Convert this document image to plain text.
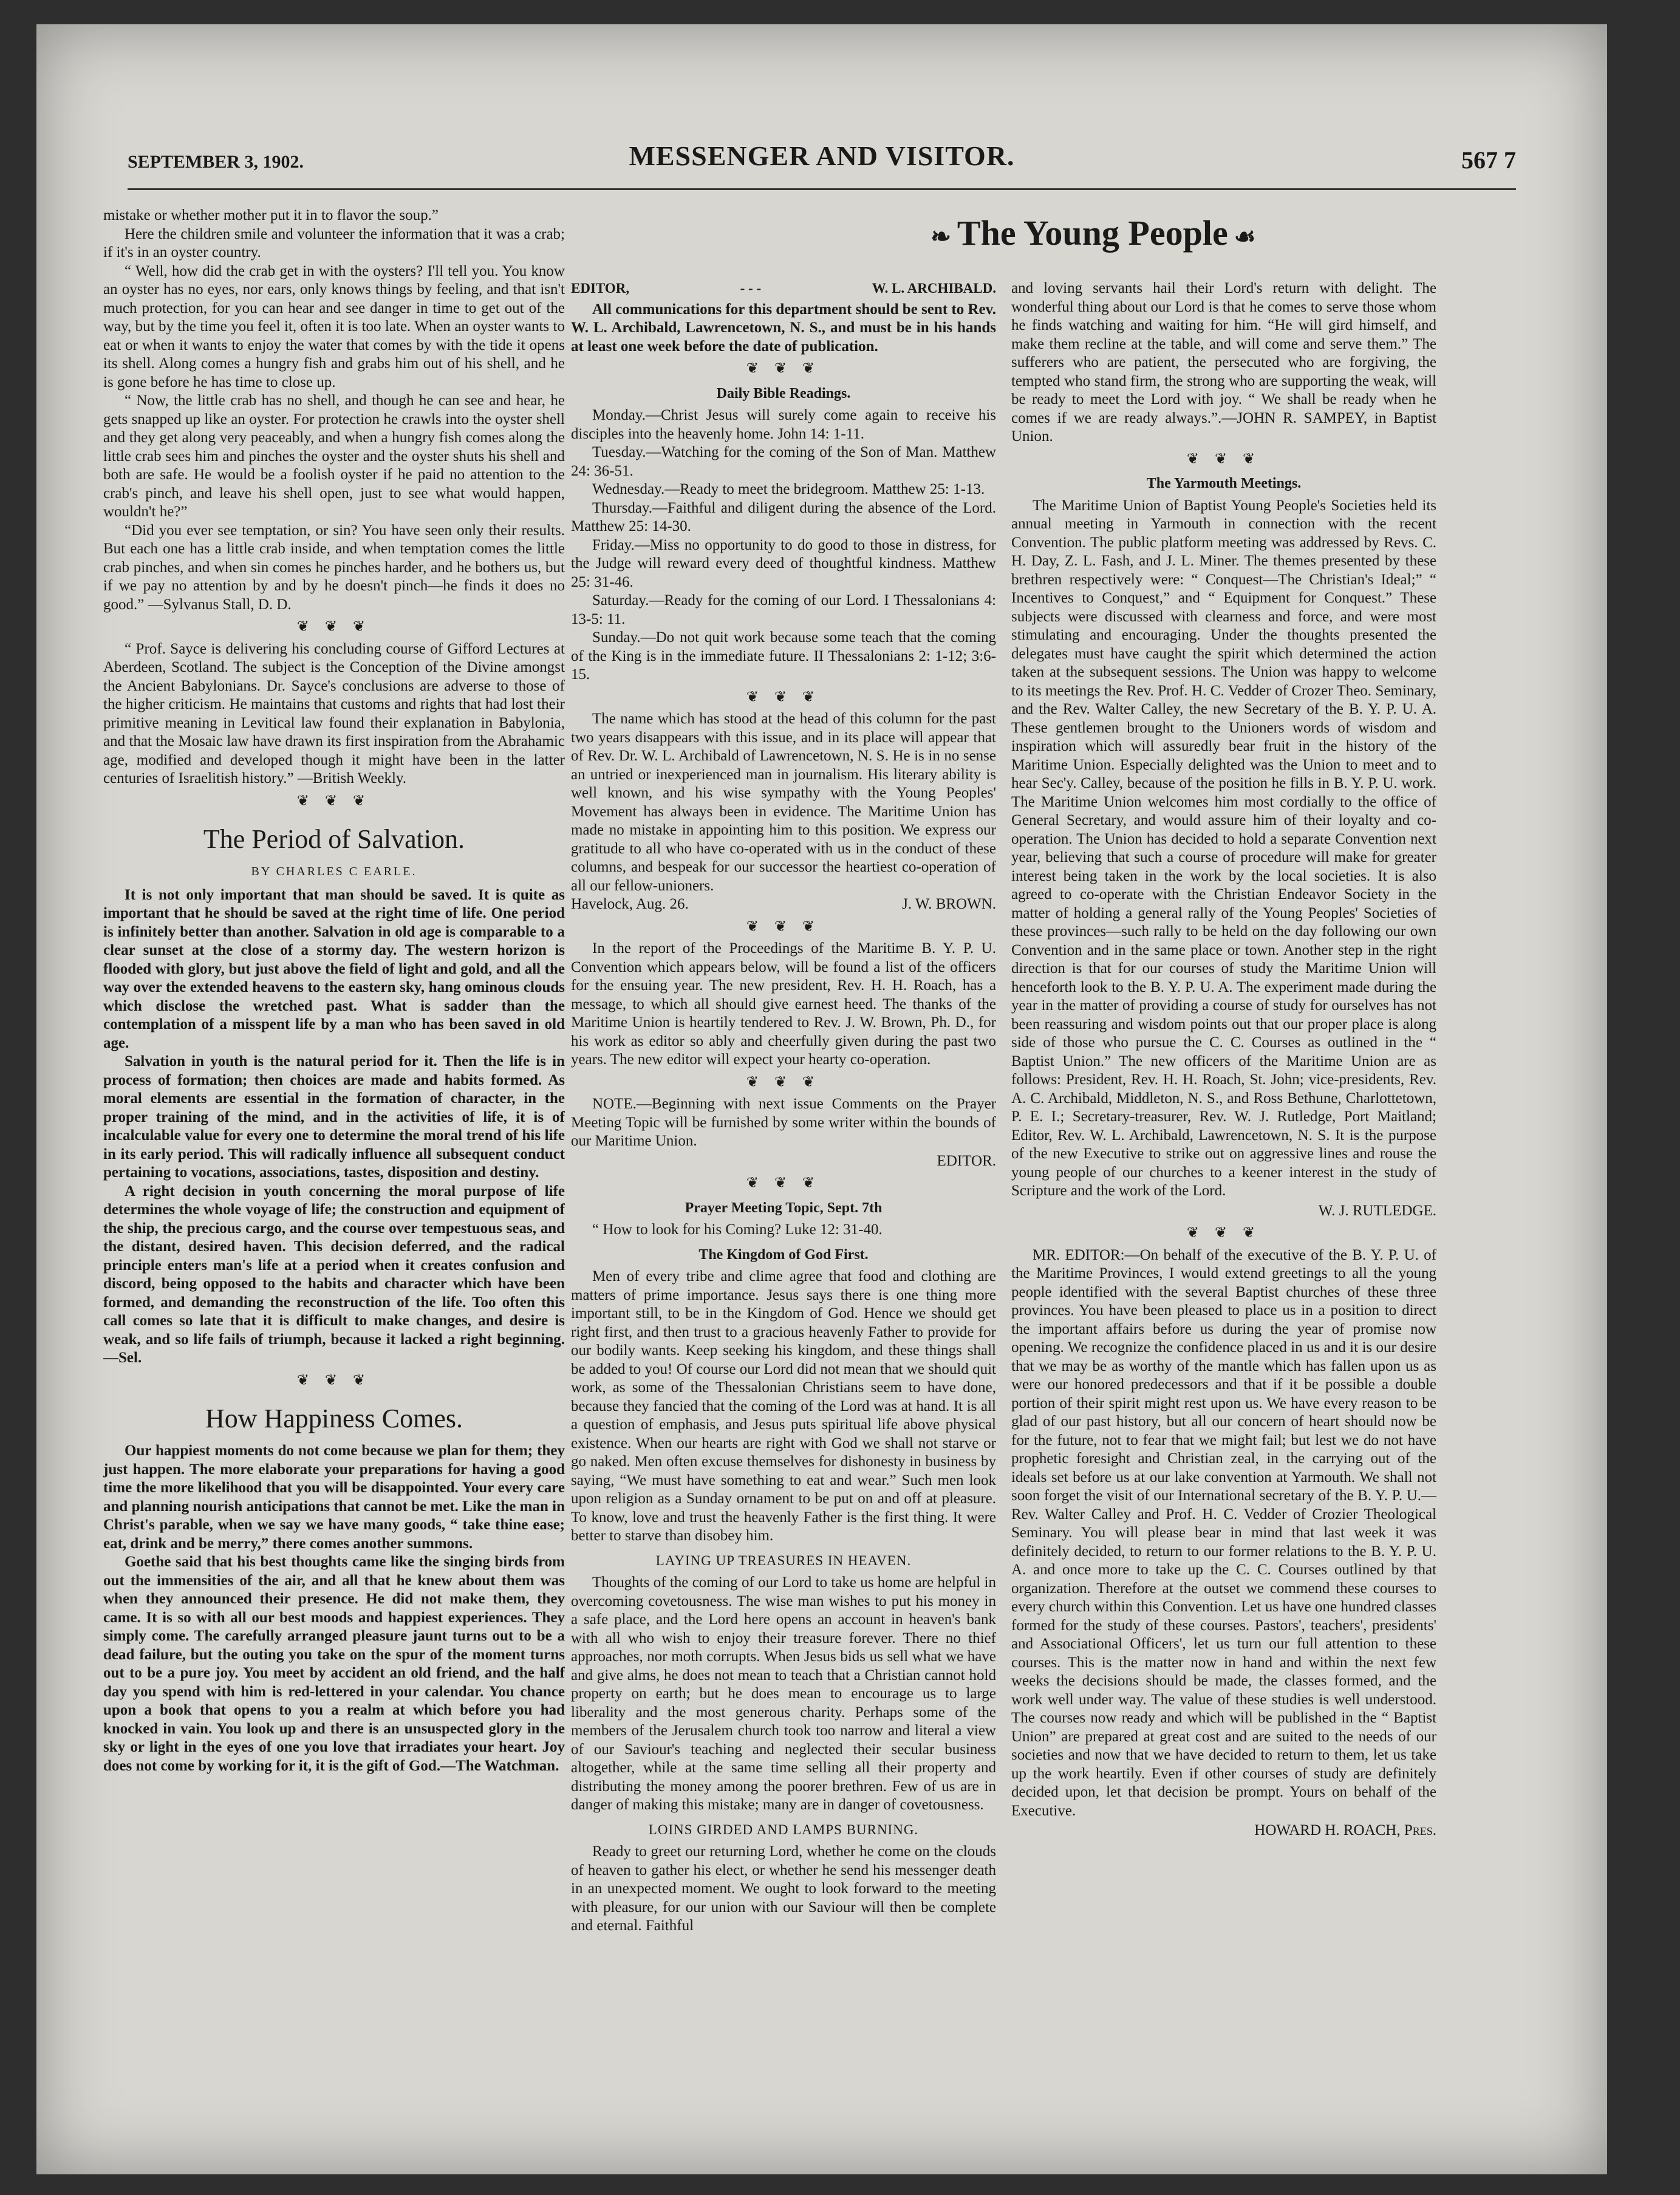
SEPTEMBER 3, 1902.	MESSENGER AND VISITOR.	567 7

mistake or whether mother put it in to flavor the soup.”

Here the children smile and volunteer the information that it was a crab; if it's in an oyster country.

“ Well, how did the crab get in with the oysters? I'll tell you. You know an oyster has no eyes, nor ears, only knows things by feeling, and that isn't much protection, for you can hear and see danger in time to get out of the way, but by the time you feel it, often it is too late. When an oyster wants to eat or when it wants to enjoy the water that comes by with the tide it opens its shell. Along comes a hungry fish and grabs him out of his shell, and he is gone before he has time to close up.

“ Now, the little crab has no shell, and though he can see and hear, he gets snapped up like an oyster. For protection he crawls into the oyster shell and they get along very peaceably, and when a hungry fish comes along the little crab sees him and pinches the oyster and the oyster shuts his shell and both are safe. He would be a foolish oyster if he paid no attention to the crab's pinch, and leave his shell open, just to see what would happen, wouldn't he?”

“Did you ever see temptation, or sin? You have seen only their results. But each one has a little crab inside, and when temptation comes the little crab pinches, and when sin comes he pinches harder, and he bothers us, but if we pay no attention by and by he doesn't pinch—he finds it does no good.” —Sylvanus Stall, D. D.

❦ ❦ ❦

“ Prof. Sayce is delivering his concluding course of Gifford Lectures at Aberdeen, Scotland. The subject is the Conception of the Divine amongst the Ancient Babylonians. Dr. Sayce's conclusions are adverse to those of the higher criticism. He maintains that customs and rights that had lost their primitive meaning in Levitical law found their explanation in Babylonia, and that the Mosaic law have drawn its first inspiration from the Abrahamic age, modified and developed though it might have been in the latter centuries of Israelitish history.” —British Weekly.

❦ ❦ ❦
The Period of Salvation.
BY CHARLES C EARLE.

It is not only important that man should be saved. It is quite as important that he should be saved at the right time of life. One period is infinitely better than another. Salvation in old age is comparable to a clear sunset at the close of a stormy day. The western horizon is flooded with glory, but just above the field of light and gold, and all the way over the extended heavens to the eastern sky, hang ominous clouds which disclose the wretched past. What is sadder than the contemplation of a misspent life by a man who has been saved in old age.

Salvation in youth is the natural period for it. Then the life is in process of formation; then choices are made and habits formed. As moral elements are essential in the formation of character, in the proper training of the mind, and in the activities of life, it is of incalculable value for every one to determine the moral trend of his life in its early period. This will radically influence all subsequent conduct pertaining to vocations, associations, tastes, disposition and destiny.

A right decision in youth concerning the moral purpose of life determines the whole voyage of life; the construction and equipment of the ship, the precious cargo, and the course over tempestuous seas, and the distant, desired haven. This decision deferred, and the radical principle enters man's life at a period when it creates confusion and discord, being opposed to the habits and character which have been formed, and demanding the reconstruction of the life. Too often this call comes so late that it is difficult to make changes, and desire is weak, and so life fails of triumph, because it lacked a right beginning.—Sel.

❦ ❦ ❦
How Happiness Comes.

Our happiest moments do not come because we plan for them; they just happen. The more elaborate your preparations for having a good time the more likelihood that you will be disappointed. Your every care and planning nourish anticipations that cannot be met. Like the man in Christ's parable, when we say we have many goods, “ take thine ease; eat, drink and be merry,” there comes another summons.

Goethe said that his best thoughts came like the singing birds from out the immensities of the air, and all that he knew about them was when they announced their presence. He did not make them, they came. It is so with all our best moods and happiest experiences. They simply come. The carefully arranged pleasure jaunt turns out to be a dead failure, but the outing you take on the spur of the moment turns out to be a pure joy. You meet by accident an old friend, and the half day you spend with him is red-lettered in your calendar. You chance upon a book that opens to you a realm at which before you had knocked in vain. You look up and there is an unsuspected glory in the sky or light in the eyes of one you love that irradiates your heart. Joy does not come by working for it, it is the gift of God.—The Watchman.

❧ The Young People ☙
EDITOR,	- - -	W. L. ARCHIBALD.

All communications for this department should be sent to Rev. W. L. Archibald, Lawrencetown, N. S., and must be in his hands at least one week before the date of publication.

❦ ❦ ❦
Daily Bible Readings.

Monday.—Christ Jesus will surely come again to receive his disciples into the heavenly home. John 14: 1-11.

Tuesday.—Watching for the coming of the Son of Man. Matthew 24: 36-51.

Wednesday.—Ready to meet the bridegroom. Matthew 25: 1-13.

Thursday.—Faithful and diligent during the absence of the Lord. Matthew 25: 14-30.

Friday.—Miss no opportunity to do good to those in distress, for the Judge will reward every deed of thoughtful kindness. Matthew 25: 31-46.

Saturday.—Ready for the coming of our Lord. I Thessalonians 4: 13-5: 11.

Sunday.—Do not quit work because some teach that the coming of the King is in the immediate future. II Thessalonians 2: 1-12; 3:6-15.

❦ ❦ ❦

The name which has stood at the head of this column for the past two years disappears with this issue, and in its place will appear that of Rev. Dr. W. L. Archibald of Lawrencetown, N. S. He is in no sense an untried or inexperienced man in journalism. His literary ability is well known, and his wise sympathy with the Young Peoples' Movement has always been in evidence. The Maritime Union has made no mistake in appointing him to this position. We express our gratitude to all who have co-operated with us in the conduct of these columns, and bespeak for our successor the heartiest co-operation of all our fellow-unioners.

Havelock, Aug. 26.	J. W. BROWN.
❦ ❦ ❦

In the report of the Proceedings of the Maritime B. Y. P. U. Convention which appears below, will be found a list of the officers for the ensuing year. The new president, Rev. H. H. Roach, has a message, to which all should give earnest heed. The thanks of the Maritime Union is heartily tendered to Rev. J. W. Brown, Ph. D., for his work as editor so ably and cheerfully given during the past two years. The new editor will expect your hearty co-operation.

❦ ❦ ❦

NOTE.—Beginning with next issue Comments on the Prayer Meeting Topic will be furnished by some writer within the bounds of our Maritime Union.

EDITOR.
❦ ❦ ❦
Prayer Meeting Topic, Sept. 7th

“ How to look for his Coming? Luke 12: 31-40.

The Kingdom of God First.

Men of every tribe and clime agree that food and clothing are matters of prime importance. Jesus says there is one thing more important still, to be in the Kingdom of God. Hence we should get right first, and then trust to a gracious heavenly Father to provide for our bodily wants. Keep seeking his kingdom, and these things shall be added to you! Of course our Lord did not mean that we should quit work, as some of the Thessalonian Christians seem to have done, because they fancied that the coming of the Lord was at hand. It is all a question of emphasis, and Jesus puts spiritual life above physical existence. When our hearts are right with God we shall not starve or go naked. Men often excuse themselves for dishonesty in business by saying, “We must have something to eat and wear.” Such men look upon religion as a Sunday ornament to be put on and off at pleasure. To know, love and trust the heavenly Father is the first thing. It were better to starve than disobey him.

LAYING UP TREASURES IN HEAVEN.

Thoughts of the coming of our Lord to take us home are helpful in overcoming covetousness. The wise man wishes to put his money in a safe place, and the Lord here opens an account in heaven's bank with all who wish to enjoy their treasure forever. There no thief approaches, nor moth corrupts. When Jesus bids us sell what we have and give alms, he does not mean to teach that a Christian cannot hold property on earth; but he does mean to encourage us to large liberality and the most generous charity. Perhaps some of the members of the Jerusalem church took too narrow and literal a view of our Saviour's teaching and neglected their secular business altogether, while at the same time selling all their property and distributing the money among the poorer brethren. Few of us are in danger of making this mistake; many are in danger of covetousness.

LOINS GIRDED AND LAMPS BURNING.

Ready to greet our returning Lord, whether he come on the clouds of heaven to gather his elect, or whether he send his messenger death in an unexpected moment. We ought to look forward to the meeting with pleasure, for our union with our Saviour will then be complete and eternal. Faithful

and loving servants hail their Lord's return with delight. The wonderful thing about our Lord is that he comes to serve those whom he finds watching and waiting for him. “He will gird himself, and make them recline at the table, and will come and serve them.” The sufferers who are patient, the persecuted who are forgiving, the tempted who stand firm, the strong who are supporting the weak, will be ready to meet the Lord with joy. “ We shall be ready when he comes if we are ready always.”.—JOHN R. SAMPEY, in Baptist Union.

❦ ❦ ❦
The Yarmouth Meetings.

The Maritime Union of Baptist Young People's Societies held its annual meeting in Yarmouth in connection with the recent Convention. The public platform meeting was addressed by Revs. C. H. Day, Z. L. Fash, and J. L. Miner. The themes presented by these brethren respectively were: “ Conquest—The Christian's Ideal;” “ Incentives to Conquest,” and “ Equipment for Conquest.” These subjects were discussed with clearness and force, and were most stimulating and encouraging. Under the thoughts presented the delegates must have caught the spirit which determined the action taken at the subsequent sessions. The Union was happy to welcome to its meetings the Rev. Prof. H. C. Vedder of Crozer Theo. Seminary, and the Rev. Walter Calley, the new Secretary of the B. Y. P. U. A. These gentlemen brought to the Unioners words of wisdom and inspiration which will assuredly bear fruit in the history of the Maritime Union. Especially delighted was the Union to meet and to hear Sec'y. Calley, because of the position he fills in B. Y. P. U. work. The Maritime Union welcomes him most cordially to the office of General Secretary, and would assure him of their loyalty and co-operation. The Union has decided to hold a separate Convention next year, believing that such a course of procedure will make for greater interest being taken in the work by the local societies. It is also agreed to co-operate with the Christian Endeavor Society in the matter of holding a general rally of the Young Peoples' Societies of these provinces—such rally to be held on the day following our own Convention and in the same place or town. Another step in the right direction is that for our courses of study the Maritime Union will henceforth look to the B. Y. P. U. A. The experiment made during the year in the matter of providing a course of study for ourselves has not been reassuring and wisdom points out that our proper place is along side of those who pursue the C. C. Courses as outlined in the “ Baptist Union.” The new officers of the Maritime Union are as follows: President, Rev. H. H. Roach, St. John; vice-presidents, Rev. A. C. Archibald, Middleton, N. S., and Ross Bethune, Charlottetown, P. E. I.; Secretary-treasurer, Rev. W. J. Rutledge, Port Maitland; Editor, Rev. W. L. Archibald, Lawrencetown, N. S. It is the purpose of the new Executive to strike out on aggressive lines and rouse the young people of our churches to a keener interest in the study of Scripture and the work of the Lord.

W. J. RUTLEDGE.
❦ ❦ ❦

MR. EDITOR:—On behalf of the executive of the B. Y. P. U. of the Maritime Provinces, I would extend greetings to all the young people identified with the several Baptist churches of these three provinces. You have been pleased to place us in a position to direct the important affairs before us during the year of promise now opening. We recognize the confidence placed in us and it is our desire that we may be as worthy of the mantle which has fallen upon us as were our honored predecessors and that if it be possible a double portion of their spirit might rest upon us. We have every reason to be glad of our past history, but all our concern of heart should now be for the future, not to fear that we might fail; but lest we do not have prophetic foresight and Christian zeal, in the carrying out of the ideals set before us at our lake convention at Yarmouth. We shall not soon forget the visit of our International secretary of the B. Y. P. U.—Rev. Walter Calley and Prof. H. C. Vedder of Crozier Theological Seminary. You will please bear in mind that last week it was definitely decided, to return to our former relations to the B. Y. P. U. A. and once more to take up the C. C. Courses outlined by that organization. Therefore at the outset we commend these courses to every church within this Convention. Let us have one hundred classes formed for the study of these courses. Pastors', teachers', presidents' and Associational Officers', let us turn our full attention to these courses. This is the matter now in hand and within the next few weeks the decisions should be made, the classes formed, and the work well under way. The value of these studies is well understood. The courses now ready and which will be published in the “ Baptist Union” are prepared at great cost and are suited to the needs of our societies and now that we have decided to return to them, let us take up the work heartily. Even if other courses of study are definitely decided upon, let that decision be prompt. Yours on behalf of the Executive.

HOWARD H. ROACH, Pres.
